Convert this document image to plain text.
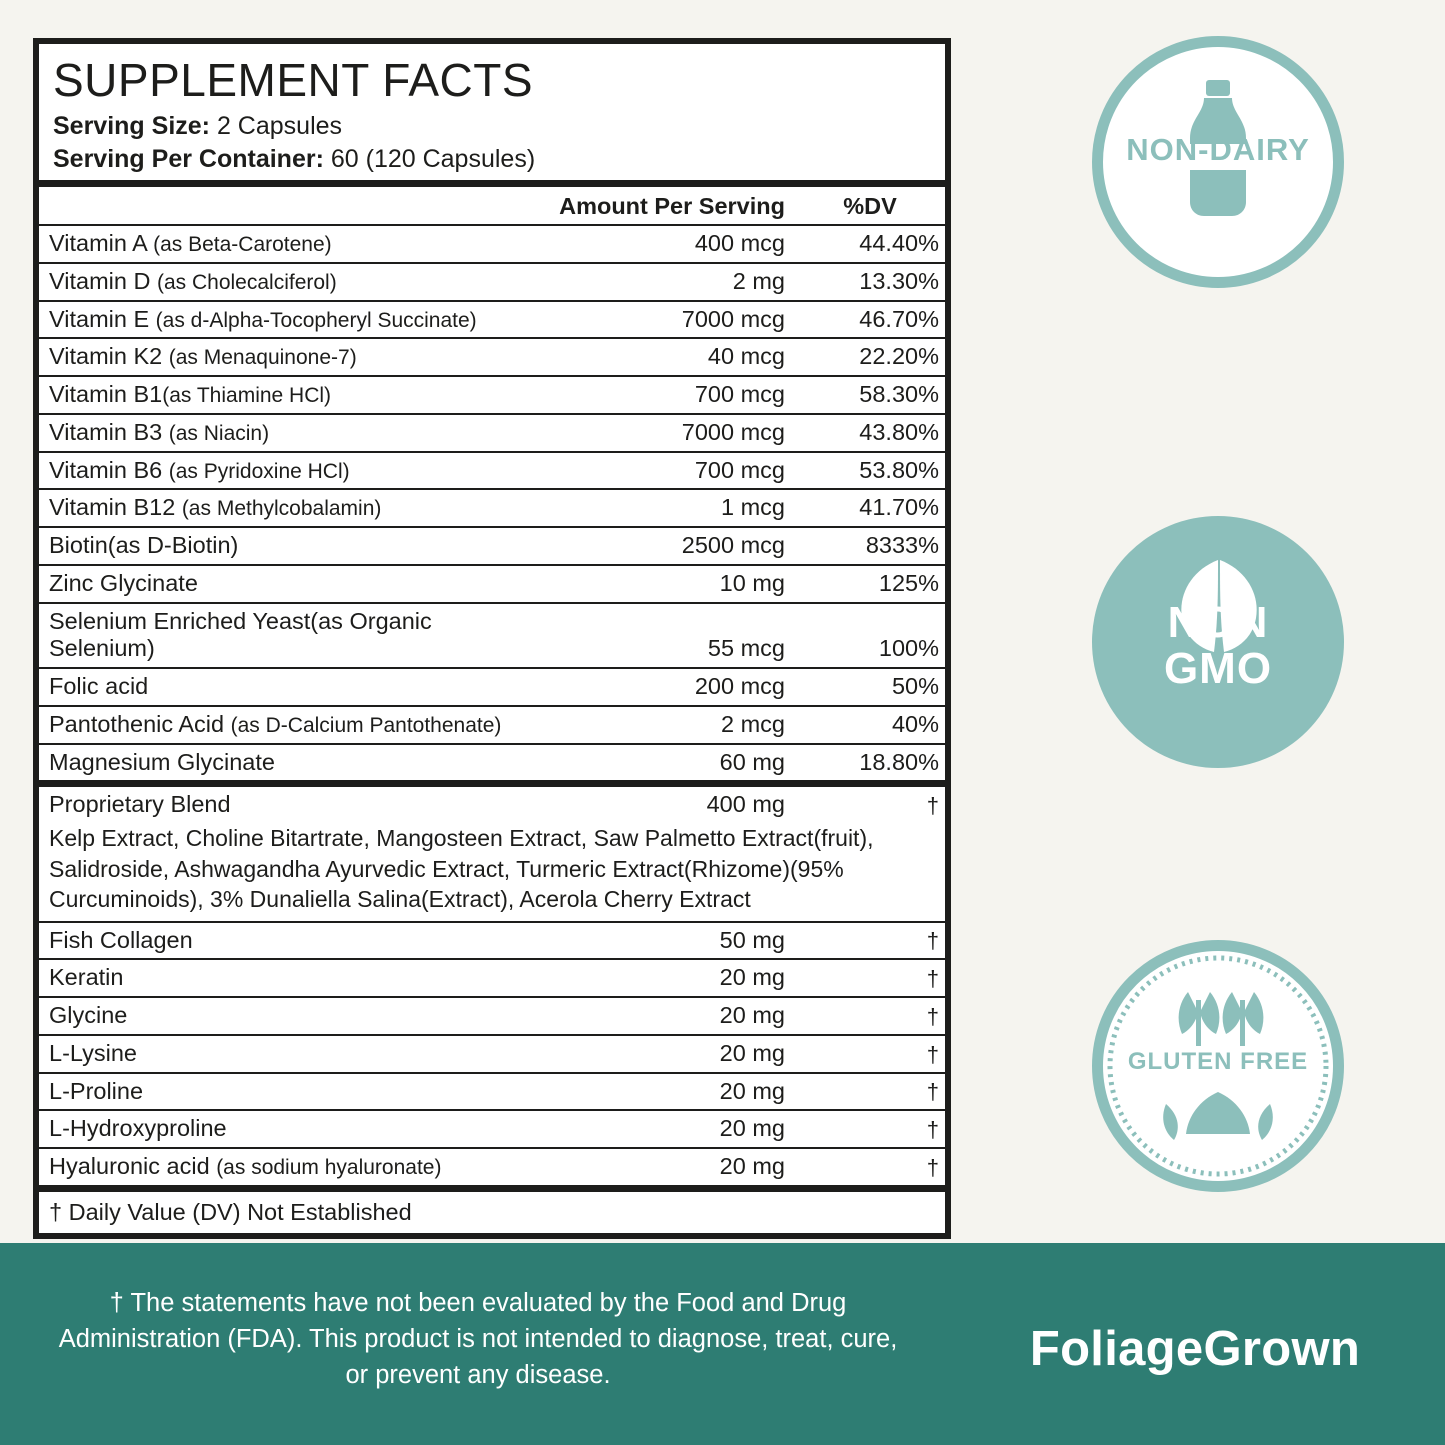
SUPPLEMENT FACTS
Serving Size: 2 Capsules
Serving Per Container: 60 (120 Capsules)
	Amount Per Serving	%DV
Vitamin A (as Beta-Carotene)	400 mcg	44.40%
Vitamin D (as Cholecalciferol)	2 mg	13.30%
Vitamin E (as d-Alpha-Tocopheryl Succinate)	7000 mcg	46.70%
Vitamin K2 (as Menaquinone-7)	40 mcg	22.20%
Vitamin B1(as Thiamine HCl)	700 mcg	58.30%
Vitamin B3 (as Niacin)	7000 mcg	43.80%
Vitamin B6 (as Pyridoxine HCl)	700 mcg	53.80%
Vitamin B12 (as Methylcobalamin)	1 mcg	41.70%
Biotin(as D-Biotin)	2500 mcg	8333%
Zinc Glycinate	10 mg	125%
Selenium Enriched Yeast(as Organic Selenium)	55 mcg	100%
Folic acid	200 mcg	50%
Pantothenic Acid (as D-Calcium Pantothenate)	2 mcg	40%
Magnesium Glycinate	60 mg	18.80%
Proprietary Blend	400 mg	†
Kelp Extract, Choline Bitartrate, Mangosteen Extract, Saw Palmetto Extract(fruit), Salidroside, Ashwagandha Ayurvedic Extract, Turmeric Extract(Rhizome)(95% Curcuminoids), 3% Dunaliella Salina(Extract), Acerola Cherry Extract		
Fish Collagen	50 mg	†
Keratin	20 mg	†
Glycine	20 mg	†
L-Lysine	20 mg	†
L-Proline	20 mg	†
L-Hydroxyproline	20 mg	†
Hyaluronic acid (as sodium hyaluronate)	20 mg	†
† Daily Value (DV) Not Established		
NON-DAIRY
NON
GMO
GLUTEN FREE
† The statements have not been evaluated by the Food and Drug Administration (FDA). This product is not intended to diagnose, treat, cure, or prevent any disease.	FoliageGrown
